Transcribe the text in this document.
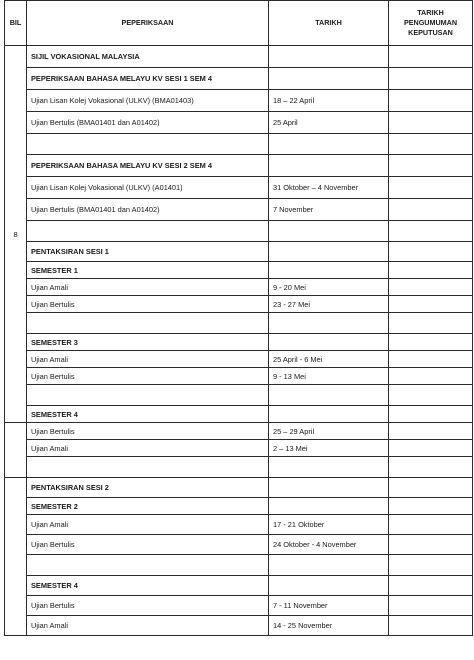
BIL	PEPERIKSAAN	TARIKH	TARIKH PENGUMUMAN KEPUTUSAN
8	SIJIL VOKASIONAL MALAYSIA		
	PEPERIKSAAN BAHASA MELAYU KV SESI 1 SEM 4		
	Ujian Lisan Kolej Vokasional (ULKV) (BMA01403)	18 – 22 April	
	Ujian Bertulis (BMA01401 dan A01402)	25 April	

	PEPERIKSAAN BAHASA MELAYU KV SESI 2 SEM 4		
	Ujian Lisan Kolej Vokasional (ULKV) (A01401)	31 Oktober – 4 November	
	Ujian Bertulis (BMA01401 dan A01402)	7 November	

	PENTAKSIRAN SESI 1		
	SEMESTER 1		
	Ujian Amali	9 - 20 Mei	
	Ujian Bertulis	23 - 27 Mei	

	SEMESTER 3		
	Ujian Amali	25 April - 6 Mei	
	Ujian Bertulis	9 - 13 Mei	

	SEMESTER 4		
	Ujian Bertulis	25 – 29 April	
	Ujian Amali	2 – 13 Mei	

	PENTAKSIRAN SESI 2		
	SEMESTER 2		
	Ujian Amali	17 - 21 Oktober	
	Ujian Bertulis	24 Oktober - 4 November	

	SEMESTER 4		
	Ujian Bertulis	7 - 11 November	
	Ujian Amali	14 - 25 November	
